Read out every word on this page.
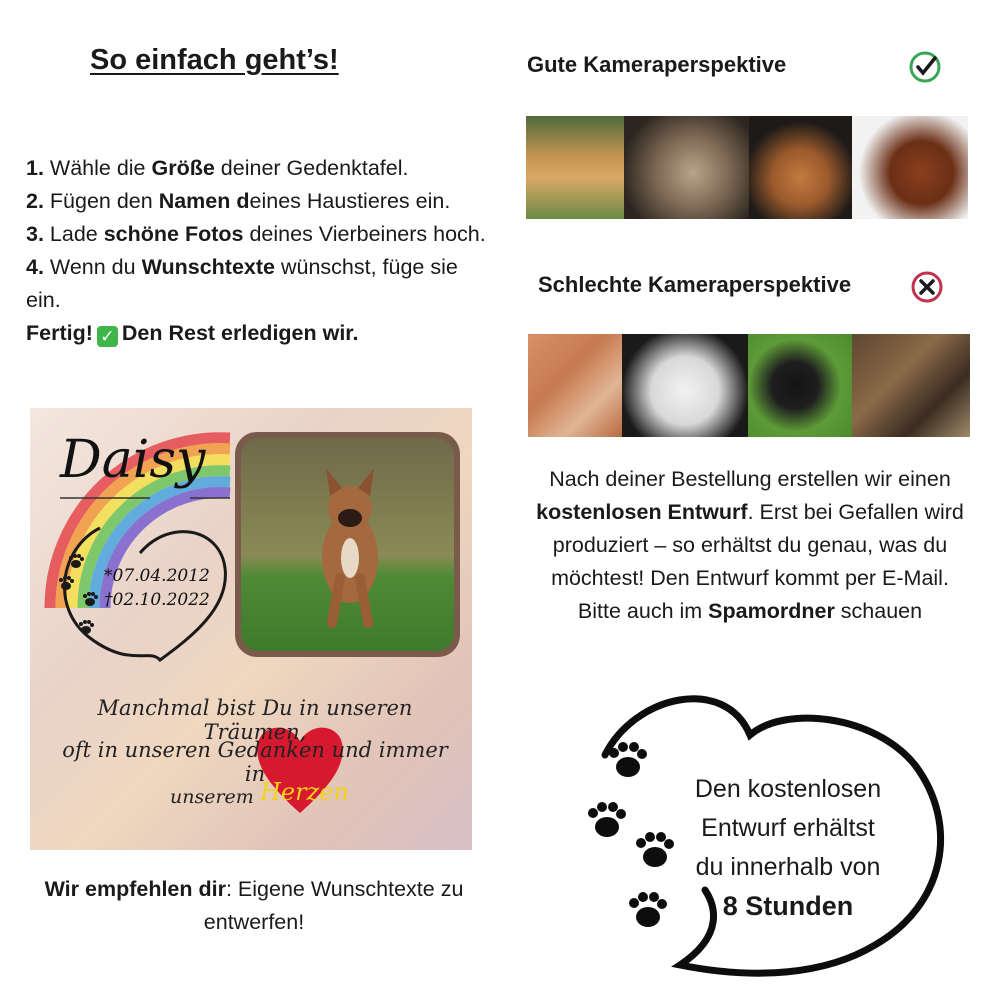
So einfach geht’s!

1. Wähle die Größe deiner Gedenktafel.

2. Fügen den Namen deines Haustieres ein.

3. Lade schöne Fotos deines Vierbeiners hoch.

4. Wenn du Wunschtexte wünschst, füge sie ein.

Fertig! ✓ Den Rest erledigen wir.

Daisy
*07.04.2012
†02.10.2022
Manchmal bist Du in unseren Träumen,
oft in unseren Gedanken und immer in
unserem Herzen
Wir empfehlen dir: Eigene Wunschtexte zu entwerfen!
Gute Kameraperspektive
Schlechte Kameraperspektive

Nach deiner Bestellung erstellen wir einen kostenlosen Entwurf. Erst bei Gefallen wird produziert – so erhältst du genau, was du möchtest! Den Entwurf kommt per E-Mail.

Bitte auch im Spamordner schauen

Den kostenlosen
Entwurf erhältst
du innerhalb von
8 Stunden
